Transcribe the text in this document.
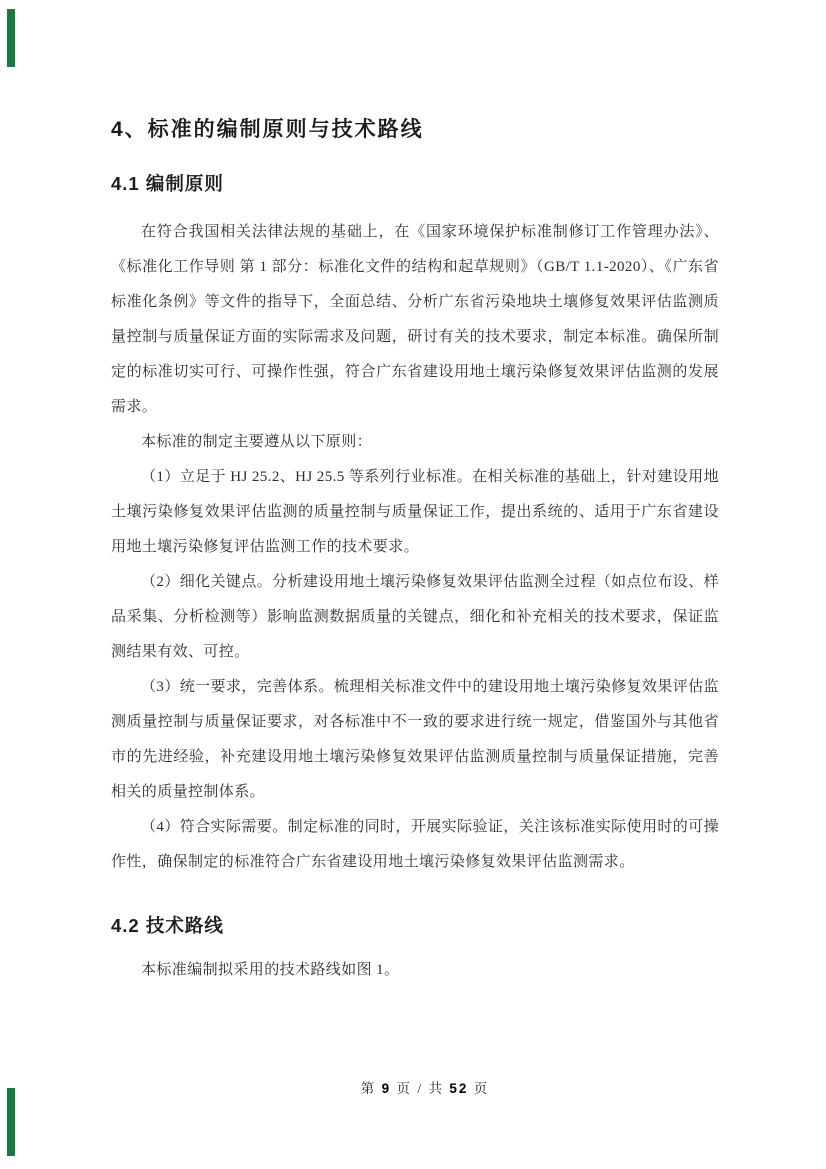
4、标准的编制原则与技术路线
4.1 编制原则

在符合我国相关法律法规的基础上，在《国家环境保护标准制修订工作管理办法》、《标准化工作导则 第 1 部分：标准化文件的结构和起草规则》（GB/T 1.1-2020）、《广东省标准化条例》等文件的指导下，全面总结、分析广东省污染地块土壤修复效果评估监测质量控制与质量保证方面的实际需求及问题，研讨有关的技术要求，制定本标准。确保所制定的标准切实可行、可操作性强，符合广东省建设用地土壤污染修复效果评估监测的发展需求。

本标准的制定主要遵从以下原则：

（1）立足于 HJ 25.2、HJ 25.5 等系列行业标准。在相关标准的基础上，针对建设用地土壤污染修复效果评估监测的质量控制与质量保证工作，提出系统的、适用于广东省建设用地土壤污染修复评估监测工作的技术要求。

（2）细化关键点。分析建设用地土壤污染修复效果评估监测全过程（如点位布设、样品采集、分析检测等）影响监测数据质量的关键点，细化和补充相关的技术要求，保证监测结果有效、可控。

（3）统一要求，完善体系。梳理相关标准文件中的建设用地土壤污染修复效果评估监测质量控制与质量保证要求，对各标准中不一致的要求进行统一规定，借鉴国外与其他省市的先进经验，补充建设用地土壤污染修复效果评估监测质量控制与质量保证措施，完善相关的质量控制体系。

（4）符合实际需要。制定标准的同时，开展实际验证，关注该标准实际使用时的可操作性，确保制定的标准符合广东省建设用地土壤污染修复效果评估监测需求。

4.2 技术路线

本标准编制拟采用的技术路线如图 1。

第 9 页 / 共 52 页
